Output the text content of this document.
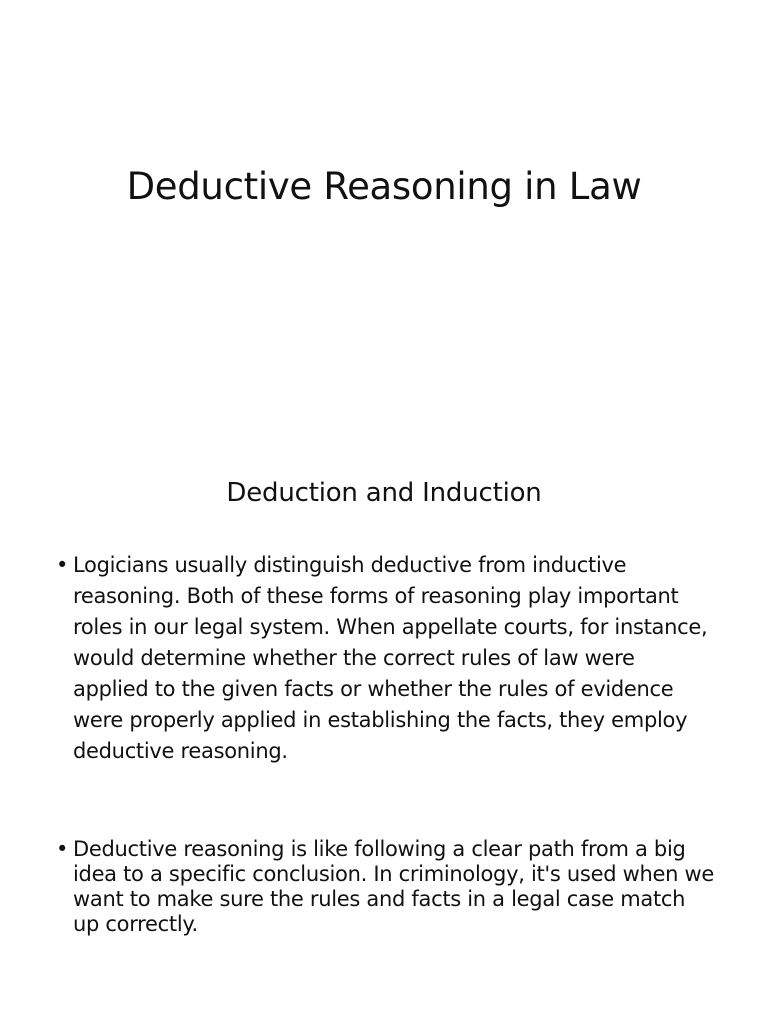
Deductive Reasoning in Law
Deduction and Induction
• Logicians usually distinguish deductive from inductive reasoning. Both of these forms of reasoning play important roles in our legal system. When appellate courts, for instance, would determine whether the correct rules of law were applied to the given facts or whether the rules of evidence were properly applied in establishing the facts, they employ deductive reasoning.
• Deductive reasoning is like following a clear path from a big idea to a specific conclusion. In criminology, it's used when we want to make sure the rules and facts in a legal case match up correctly.
